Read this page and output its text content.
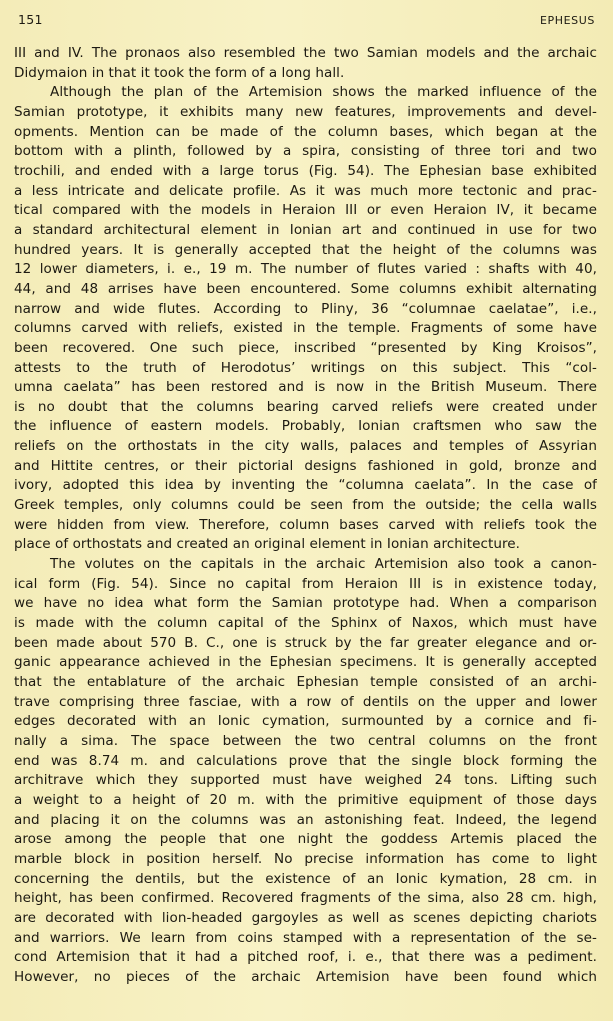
151	EPHESUS

III and IV. The pronaos also resembled the two Samian models and the archaic
Didymaion in that it took the form of a long hall.

Although the plan of the Artemision shows the marked influence of the
Samian prototype, it exhibits many new features, improvements and devel-
opments. Mention can be made of the column bases, which began at the
bottom with a plinth, followed by a spira, consisting of three tori and two
trochili, and ended with a large torus (Fig. 54). The Ephesian base exhibited
a less intricate and delicate profile. As it was much more tectonic and prac-
tical compared with the models in Heraion III or even Heraion IV, it became
a standard architectural element in Ionian art and continued in use for two
hundred years. It is generally accepted that the height of the columns was
12 lower diameters, i. e., 19 m. The number of flutes varied : shafts with 40,
44, and 48 arrises have been encountered. Some columns exhibit alternating
narrow and wide flutes. According to Pliny, 36 “columnae caelatae”, i.e.,
columns carved with reliefs, existed in the temple. Fragments of some have
been recovered. One such piece, inscribed “presented by King Kroisos”,
attests to the truth of Herodotus’ writings on this subject. This “col-
umna caelata” has been restored and is now in the British Museum. There
is no doubt that the columns bearing carved reliefs were created under
the influence of eastern models. Probably, Ionian craftsmen who saw the
reliefs on the orthostats in the city walls, palaces and temples of Assyrian
and Hittite centres, or their pictorial designs fashioned in gold, bronze and
ivory, adopted this idea by inventing the “columna caelata”. In the case of
Greek temples, only columns could be seen from the outside; the cella walls
were hidden from view. Therefore, column bases carved with reliefs took the
place of orthostats and created an original element in Ionian architecture.

The volutes on the capitals in the archaic Artemision also took a canon-
ical form (Fig. 54). Since no capital from Heraion III is in existence today,
we have no idea what form the Samian prototype had. When a comparison
is made with the column capital of the Sphinx of Naxos, which must have
been made about 570 B. C., one is struck by the far greater elegance and or-
ganic appearance achieved in the Ephesian specimens. It is generally accepted
that the entablature of the archaic Ephesian temple consisted of an archi-
trave comprising three fasciae, with a row of dentils on the upper and lower
edges decorated with an Ionic cymation, surmounted by a cornice and fi-
nally a sima. The space between the two central columns on the front
end was 8.74 m. and calculations prove that the single block forming the
architrave which they supported must have weighed 24 tons. Lifting such
a weight to a height of 20 m. with the primitive equipment of those days
and placing it on the columns was an astonishing feat. Indeed, the legend
arose among the people that one night the goddess Artemis placed the
marble block in position herself. No precise information has come to light
concerning the dentils, but the existence of an Ionic kymation, 28 cm. in
height, has been confirmed. Recovered fragments of the sima, also 28 cm. high,
are decorated with lion-headed gargoyles as well as scenes depicting chariots
and warriors. We learn from coins stamped with a representation of the se-
cond Artemision that it had a pitched roof, i. e., that there was a pediment.
However, no pieces of the archaic Artemision have been found which
